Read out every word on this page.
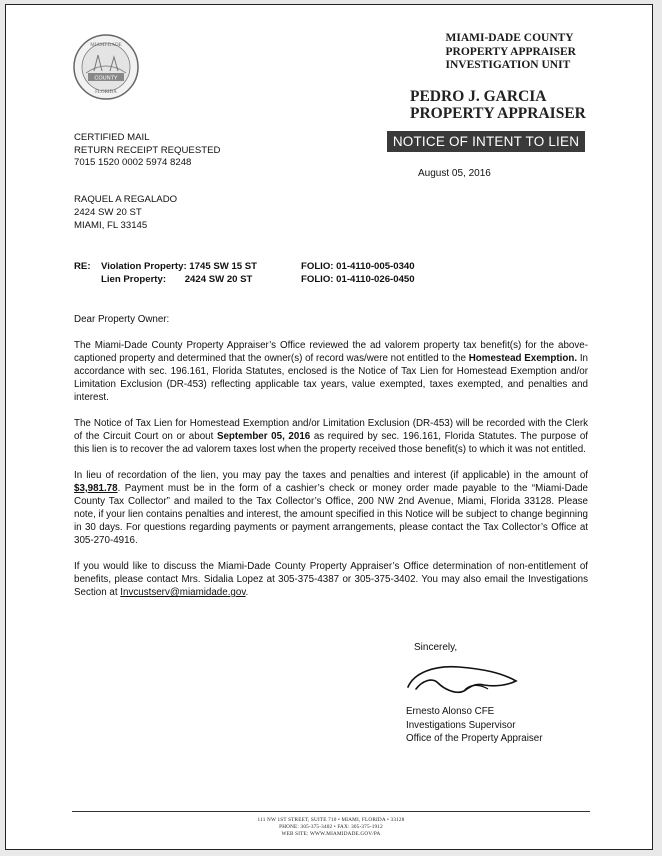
COUNTY
MIAMI-DADE
FLORIDA
MIAMI-DADE COUNTY
PROPERTY APPRAISER
INVESTIGATION UNIT
PEDRO J. GARCIA
PROPERTY APPRAISER
CERTIFIED MAIL
RETURN RECEIPT REQUESTED
7015 1520 0002 5974 8248
NOTICE OF INTENT TO LIEN
August 05, 2016
RAQUEL A REGALADO
2424 SW 20 ST
MIAMI, FL 33145
RE: Violation Property: 1745 SW 15 ST	FOLIO: 01-4110-005-0340
Lien Property:       2424 SW 20 ST	FOLIO: 01-4110-026-0450

Dear Property Owner:

The Miami-Dade County Property Appraiser’s Office reviewed the ad valorem property tax benefit(s) for the above-captioned property and determined that the owner(s) of record was/were not entitled to the Homestead Exemption. In accordance with sec. 196.161, Florida Statutes, enclosed is the Notice of Tax Lien for Homestead Exemption and/or Limitation Exclusion (DR-453) reflecting applicable tax years, value exempted, taxes exempted, and penalties and interest.

The Notice of Tax Lien for Homestead Exemption and/or Limitation Exclusion (DR-453) will be recorded with the Clerk of the Circuit Court on or about September 05, 2016 as required by sec. 196.161, Florida Statutes. The purpose of this lien is to recover the ad valorem taxes lost when the property received those benefit(s) to which it was not entitled.

In lieu of recordation of the lien, you may pay the taxes and penalties and interest (if applicable) in the amount of $3,981.78. Payment must be in the form of a cashier’s check or money order made payable to the “Miami-Dade County Tax Collector” and mailed to the Tax Collector’s Office, 200 NW 2nd Avenue, Miami, Florida 33128. Please note, if your lien contains penalties and interest, the amount specified in this Notice will be subject to change beginning in 30 days. For questions regarding payments or payment arrangements, please contact the Tax Collector’s Office at 305-270-4916.

If you would like to discuss the Miami-Dade County Property Appraiser’s Office determination of non-entitlement of benefits, please contact Mrs. Sidalia Lopez at 305-375-4387 or 305-375-3402. You may also email the Investigations Section at Invcustserv@miamidade.gov.

Sincerely,
Ernesto Alonso CFE
Investigations Supervisor
Office of the Property Appraiser
111 NW 1ST STREET, SUITE 710 • MIAMI, FLORIDA • 33128
PHONE: 305-375-3402 • FAX: 305-375-1912
WEB SITE: WWW.MIAMIDADE.GOV/PA
